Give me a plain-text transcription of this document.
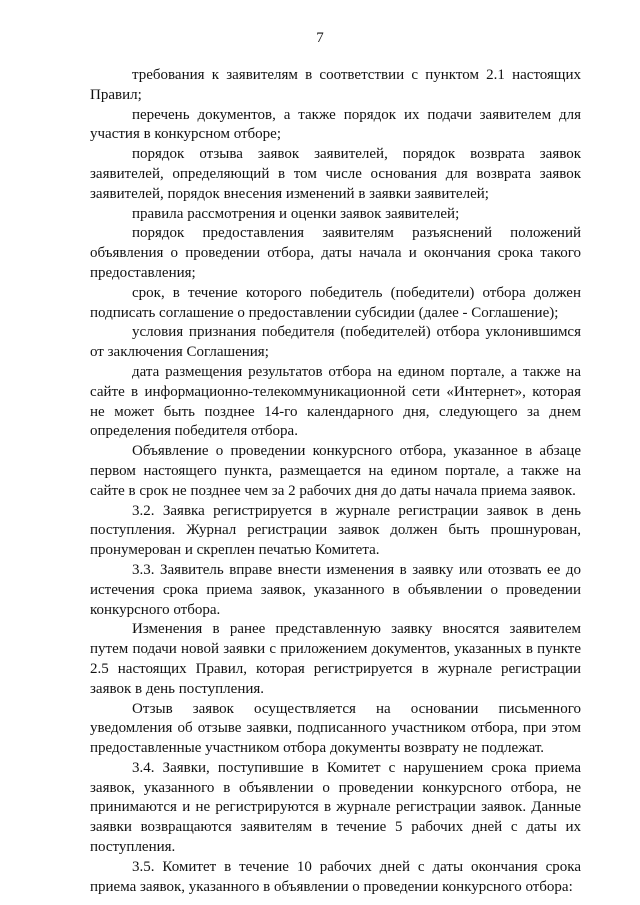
7

требования к заявителям в соответствии с пунктом 2.1 настоящих Правил;

перечень документов, а также порядок их подачи заявителем для участия в конкурсном отборе;

порядок отзыва заявок заявителей, порядок возврата заявок заявителей, определяющий в том числе основания для возврата заявок заявителей, порядок внесения изменений в заявки заявителей;

правила рассмотрения и оценки заявок заявителей;

порядок предоставления заявителям разъяснений положений объявления о проведении отбора, даты начала и окончания срока такого предоставления;

срок, в течение которого победитель (победители) отбора должен подписать соглашение о предоставлении субсидии (далее - Соглашение);

условия признания победителя (победителей) отбора уклонившимся от заключения Соглашения;

дата размещения результатов отбора на едином портале, а также на сайте в информационно-телекоммуникационной сети «Интернет», которая не может быть позднее 14-го календарного дня, следующего за днем определения победителя отбора.

Объявление о проведении конкурсного отбора, указанное в абзаце первом настоящего пункта, размещается на едином портале, а также на сайте в срок не позднее чем за 2 рабочих дня до даты начала приема заявок.

3.2. Заявка регистрируется в журнале регистрации заявок в день поступления. Журнал регистрации заявок должен быть прошнурован, пронумерован и скреплен печатью Комитета.

3.3. Заявитель вправе внести изменения в заявку или отозвать ее до истечения срока приема заявок, указанного в объявлении о проведении конкурсного отбора.

Изменения в ранее представленную заявку вносятся заявителем путем подачи новой заявки с приложением документов, указанных в пункте 2.5 настоящих Правил, которая регистрируется в журнале регистрации заявок в день поступления.

Отзыв заявок осуществляется на основании письменного уведомления об отзыве заявки, подписанного участником отбора, при этом предоставленные участником отбора документы возврату не подлежат.

3.4. Заявки, поступившие в Комитет с нарушением срока приема заявок, указанного в объявлении о проведении конкурсного отбора, не принимаются и не регистрируются в журнале регистрации заявок. Данные заявки возвращаются заявителям в течение 5 рабочих дней с даты их поступления.

3.5. Комитет в течение 10 рабочих дней с даты окончания срока приема заявок, указанного в объявлении о проведении конкурсного отбора:
